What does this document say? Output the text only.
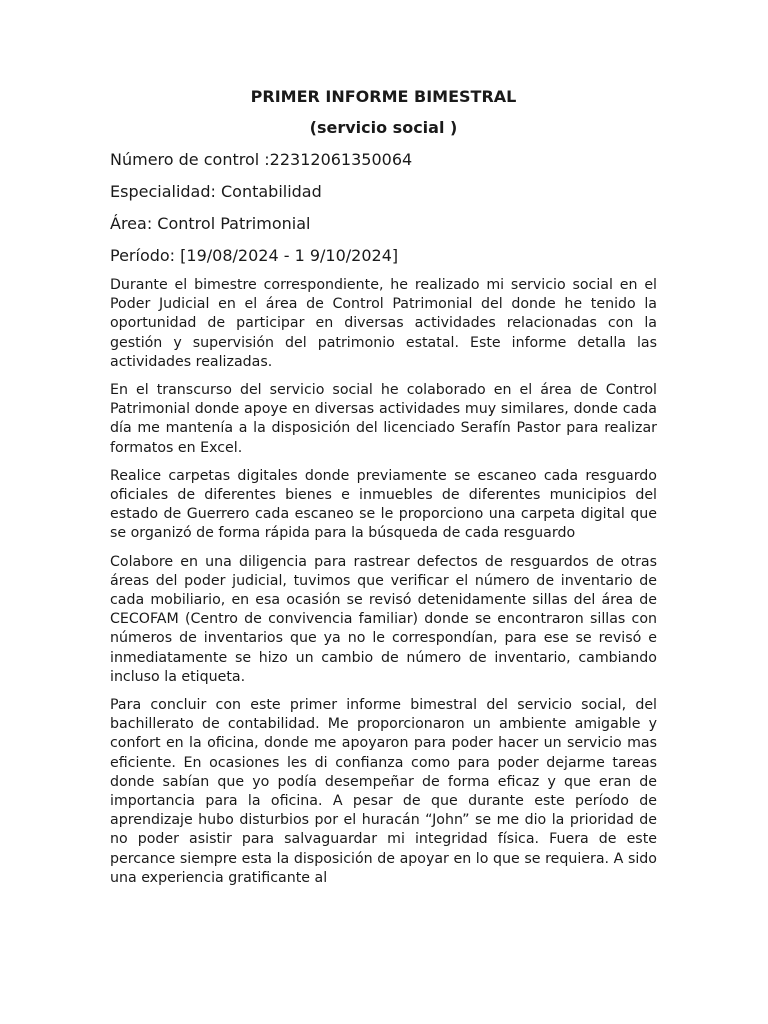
PRIMER INFORME BIMESTRAL

(servicio social )

Número de control :22312061350064

Especialidad: Contabilidad

Área: Control Patrimonial

Período: [19/08/2024 - 1 9/10/2024]

Durante el bimestre correspondiente, he realizado mi servicio social en el Poder Judicial en el área de Control Patrimonial del donde he tenido la oportunidad de participar en diversas actividades relacionadas con la gestión y supervisión del patrimonio estatal. Este informe detalla las actividades realizadas.

En el transcurso del servicio social he colaborado en el área de Control Patrimonial donde apoye en diversas actividades muy similares, donde cada día me mantenía a la disposición del licenciado Serafín Pastor para realizar formatos en Excel.

Realice carpetas digitales donde previamente se escaneo cada resguardo oficiales de diferentes bienes e inmuebles de diferentes municipios del estado de Guerrero cada escaneo se le proporciono una carpeta digital que se organizó de forma rápida para la búsqueda de cada resguardo

Colabore en una diligencia para rastrear defectos de resguardos de otras áreas del poder judicial, tuvimos que verificar el número de inventario de cada mobiliario, en esa ocasión se revisó detenidamente sillas del área de CECOFAM (Centro de convivencia familiar) donde se encontraron sillas con números de inventarios que ya no le correspondían, para ese se revisó e inmediatamente se hizo un cambio de número de inventario, cambiando incluso la etiqueta.

Para concluir con este primer informe bimestral del servicio social, del bachillerato de contabilidad. Me proporcionaron un ambiente amigable y confort en la oficina, donde me apoyaron para poder hacer un servicio mas eficiente. En ocasiones les di confianza como para poder dejarme tareas donde sabían que yo podía desempeñar de forma eficaz y que eran de importancia para la oficina. A pesar de que durante este período de aprendizaje hubo disturbios por el huracán “John” se me dio la prioridad de no poder asistir para salvaguardar mi integridad física. Fuera de este percance siempre esta la disposición de apoyar en lo que se requiera. A sido una experiencia gratificante al
